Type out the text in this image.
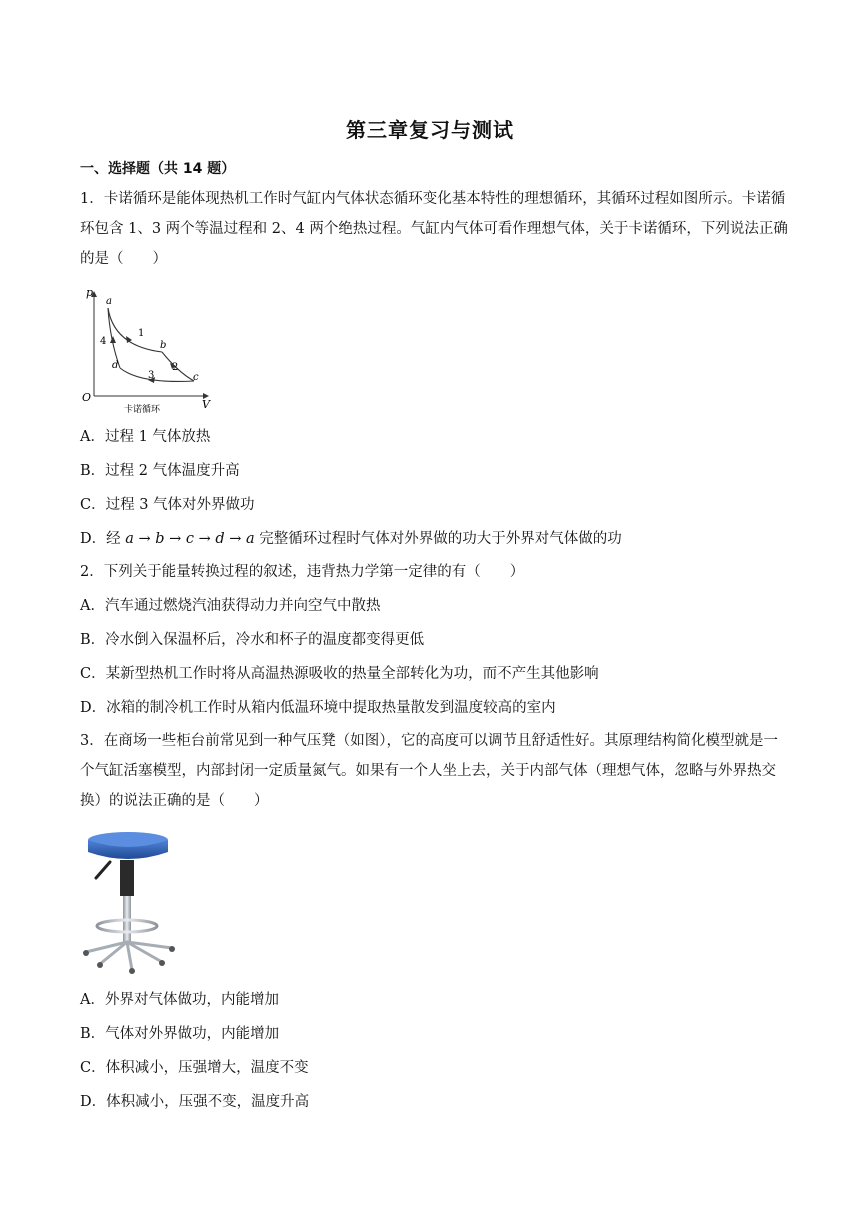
第三章复习与测试
一、选择题（共 14 题）
1．卡诺循环是能体现热机工作时气缸内气体状态循环变化基本特性的理想循环，其循环过程如图所示。卡诺循环包含 1、3 两个等温过程和 2、4 两个绝热过程。气缸内气体可看作理想气体，关于卡诺循环，下列说法正确的是（　　）
p
V
O
a
b
c
d
1
2
3
4
卡诺循环
A．过程 1 气体放热
B．过程 2 气体温度升高
C．过程 3 气体对外界做功
D．经 a → b → c → d → a 完整循环过程时气体对外界做的功大于外界对气体做的功
2．下列关于能量转换过程的叙述，违背热力学第一定律的有（　　）
A．汽车通过燃烧汽油获得动力并向空气中散热
B．冷水倒入保温杯后，冷水和杯子的温度都变得更低
C．某新型热机工作时将从高温热源吸收的热量全部转化为功，而不产生其他影响
D．冰箱的制冷机工作时从箱内低温环境中提取热量散发到温度较高的室内
3．在商场一些柜台前常见到一种气压凳（如图），它的高度可以调节且舒适性好。其原理结构简化模型就是一个气缸活塞模型，内部封闭一定质量氮气。如果有一个人坐上去，关于内部气体（理想气体，忽略与外界热交换）的说法正确的是（　　）
A．外界对气体做功，内能增加
B．气体对外界做功，内能增加
C．体积减小，压强增大，温度不变
D．体积减小，压强不变，温度升高
